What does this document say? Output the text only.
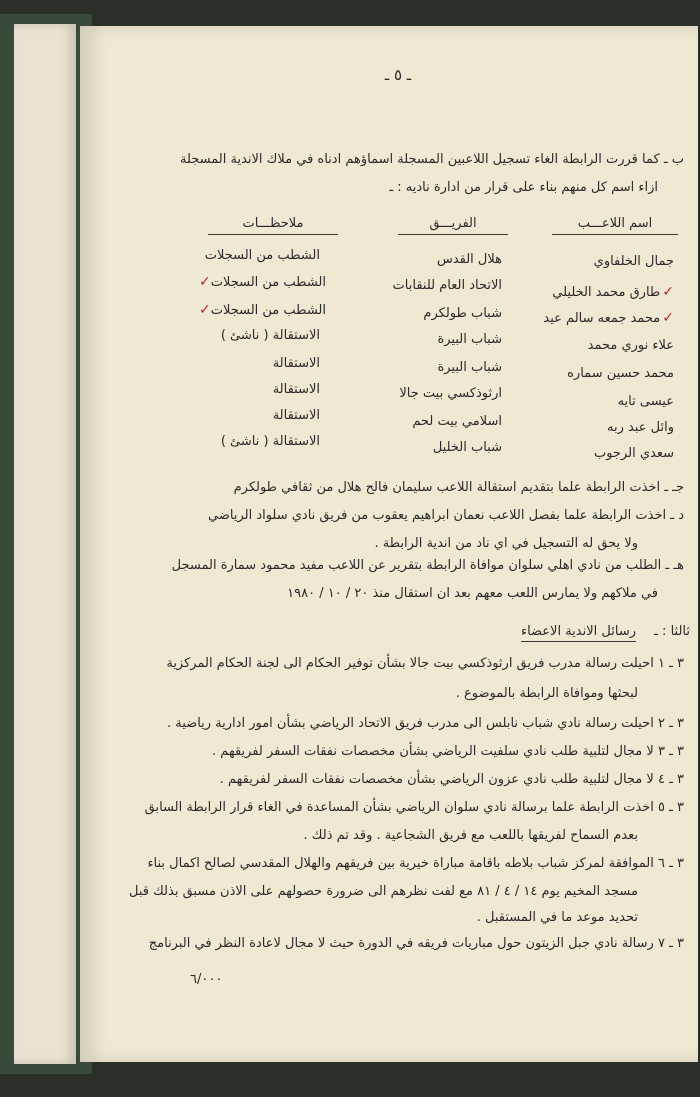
ـ ٥ ـ
ب ـ كما قررت الرابطة الغاء تسجيل اللاعبين المسجلة اسماؤهم ادناه في ملاك الاندية المسجلة
ازاء اسم كل منهم بناء على قرار من ادارة ناديه : ـ
اسم اللاعـــب
الفريـــق
ملاحظـــات
جمال الخلفاوي
هلال القدس
الشطب من السجلات
✓طارق محمد الخليلي
الاتحاد العام للنقابات
الشطب من السجلات✓
✓محمد جمعه سالم عيد
شباب طولكرم
الشطب من السجلات✓
علاء نوري محمد
شباب البيرة
الاستقالة ( ناشئ )
محمد حسين سماره
شباب البيرة
الاستقالة
عيسى تايه
ارثوذكسي بيت جالا
الاستقالة
وائل عبد ربه
اسلامي بيت لحم
الاستقالة
سعدي الرجوب
شباب الخليل
الاستقالة ( ناشئ )
جـ ـ اخذت الرابطة علما بتقديم استقالة اللاعب سليمان فالح هلال من ثقافي طولكرم
د ـ اخذت الرابطة علما بفصل اللاعب نعمان ابراهيم يعقوب من فريق نادي سلواد الرياضي
ولا يحق له التسجيل في اي ناد من اندية الرابطة .
هـ ـ الطلب من نادي اهلي سلوان موافاة الرابطة بتقرير عن اللاعب مفيد محمود سمارة المسجل
في ملاكهم ولا يمارس اللعب معهم بعد ان استقال منذ ٢٠ / ١٠ / ١٩٨٠
ثالثا : ـ
رسائل الاندية الاعضاء
٣ ـ ١ احيلت رسالة مدرب فريق ارثوذكسي بيت جالا بشأن توفير الحكام الى لجنة الحكام المركزية
لبحثها وموافاة الرابطة بالموضوع .
٣ ـ ٢ احيلت رسالة نادي شباب نابلس الى مدرب فريق الاتحاد الرياضي بشأن امور ادارية رياضية .
٣ ـ ٣ لا مجال لتلبية طلب نادي سلفيت الرياضي بشأن مخصصات نفقات السفر لفريقهم .
٣ ـ ٤ لا مجال لتلبية طلب نادي عزون الرياضي بشأن مخصصات نفقات السفر لفريقهم .
٣ ـ ٥ اخذت الرابطة علما برسالة نادي سلوان الرياضي بشأن المساعدة في الغاء قرار الرابطة السابق
بعدم السماح لفريقها باللعب مع فريق الشجاعية . وقد تم ذلك .
٣ ـ ٦ الموافقة لمركز شباب بلاطه باقامة مباراة خيرية بين فريقهم والهلال المقدسي لصالح اكمال بناء
مسجد المخيم يوم ١٤ / ٤ / ٨١ مع لفت نظرهم الى ضرورة حصولهم على الاذن مسبق بذلك قبل
تحديد موعد ما في المستقبل .
٣ ـ ٧ رسالة نادي جبل الزيتون حول مباريات فريقه في الدورة حيث لا مجال لاعادة النظر في البرنامج
٦/٠٠٠
